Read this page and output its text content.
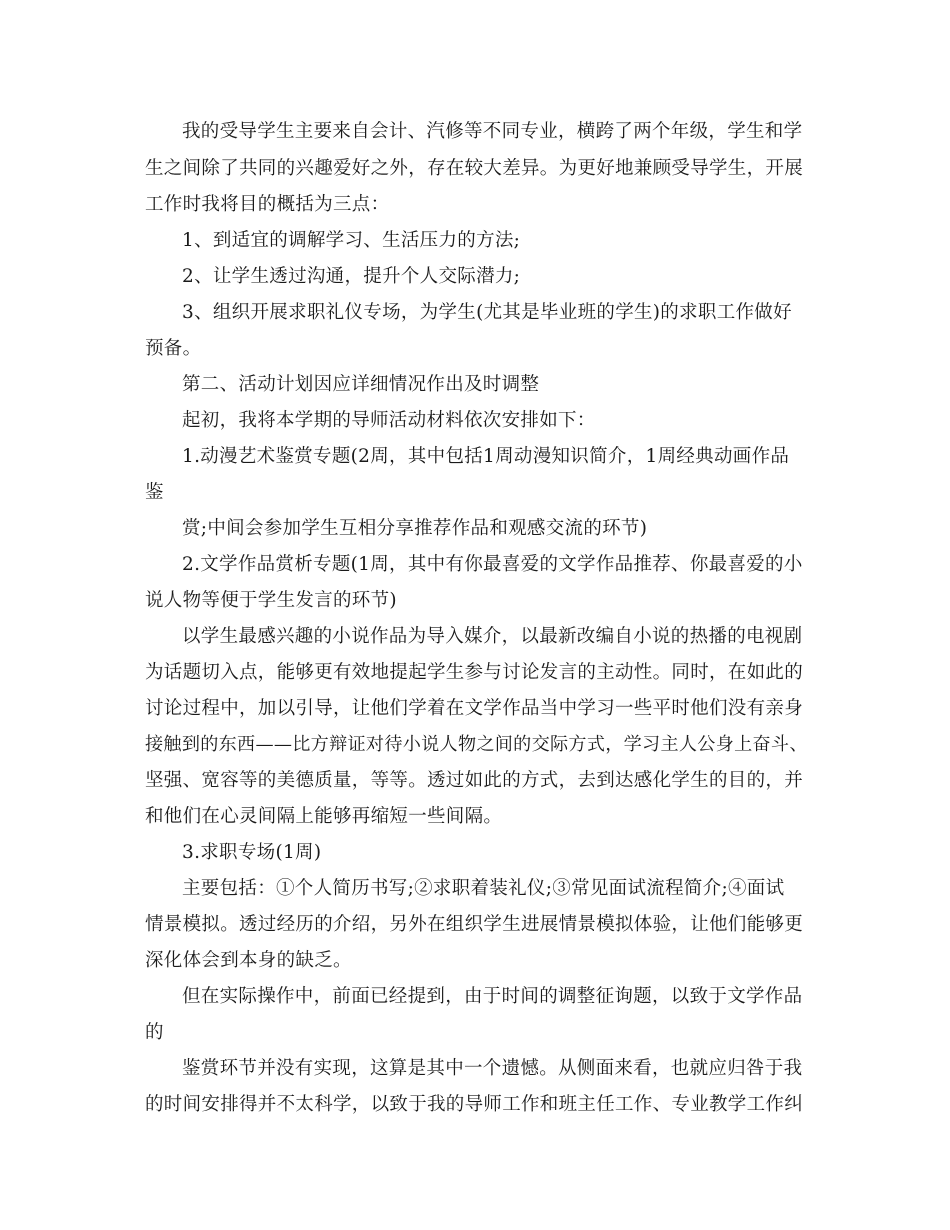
我的受导学生主要来自会计、汽修等不同专业，横跨了两个年级，学生和学
生之间除了共同的兴趣爱好之外，存在较大差异。为更好地兼顾受导学生，开展
工作时我将目的概括为三点：
1、到适宜的调解学习、生活压力的方法;
2、让学生透过沟通，提升个人交际潜力;
3、组织开展求职礼仪专场，为学生(尤其是毕业班的学生)的求职工作做好
预备。
第二、活动计划因应详细情况作出及时调整
起初，我将本学期的导师活动材料依次安排如下：
1.动漫艺术鉴赏专题(2周，其中包括1周动漫知识简介，1周经典动画作品
鉴
赏;中间会参加学生互相分享推荐作品和观感交流的环节)
2.文学作品赏析专题(1周，其中有你最喜爱的文学作品推荐、你最喜爱的小
说人物等便于学生发言的环节)
以学生最感兴趣的小说作品为导入媒介，以最新改编自小说的热播的电视剧
为话题切入点，能够更有效地提起学生参与讨论发言的主动性。同时，在如此的
讨论过程中，加以引导，让他们学着在文学作品当中学习一些平时他们没有亲身
接触到的东西——比方辩证对待小说人物之间的交际方式，学习主人公身上奋斗、
坚强、宽容等的美德质量，等等。透过如此的方式，去到达感化学生的目的，并
和他们在心灵间隔上能够再缩短一些间隔。
3.求职专场(1周)
主要包括：①个人简历书写;②求职着装礼仪;③常见面试流程简介;④面试
情景模拟。透过经历的介绍，另外在组织学生进展情景模拟体验，让他们能够更
深化体会到本身的缺乏。
但在实际操作中，前面已经提到，由于时间的调整征询题，以致于文学作品
的
鉴赏环节并没有实现，这算是其中一个遗憾。从侧面来看，也就应归咎于我
的时间安排得并不太科学，以致于我的导师工作和班主任工作、专业教学工作纠
